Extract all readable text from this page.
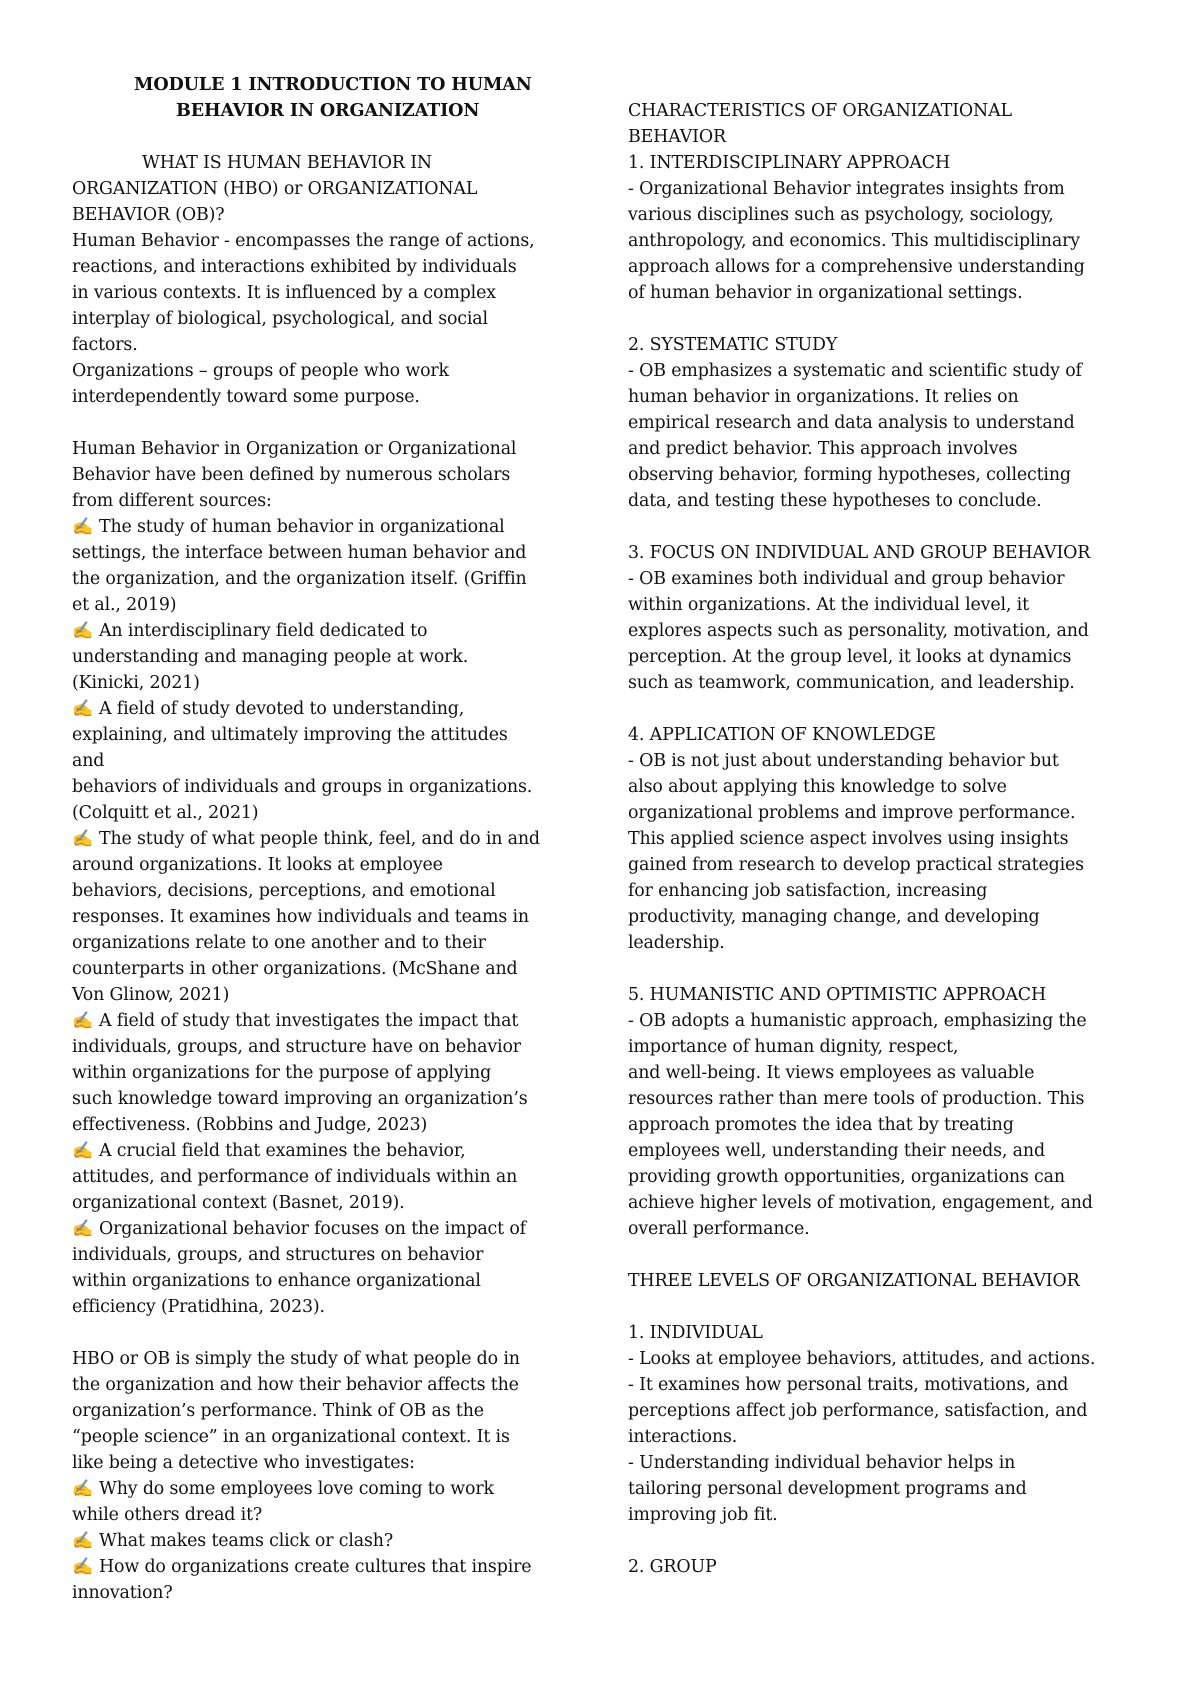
MODULE 1 INTRODUCTION TO HUMAN
BEHAVIOR IN ORGANIZATION
WHAT IS HUMAN BEHAVIOR IN
ORGANIZATION (HBO) or ORGANIZATIONAL
BEHAVIOR (OB)?
Human Behavior - encompasses the range of actions,
reactions, and interactions exhibited by individuals
in various contexts. It is influenced by a complex
interplay of biological, psychological, and social
factors.
Organizations – groups of people who work
interdependently toward some purpose.
Human Behavior in Organization or Organizational
Behavior have been defined by numerous scholars
from different sources:
✍ The study of human behavior in organizational
settings, the interface between human behavior and
the organization, and the organization itself. (Griffin
et al., 2019)
✍ An interdisciplinary field dedicated to
understanding and managing people at work.
(Kinicki, 2021)
✍ A field of study devoted to understanding,
explaining, and ultimately improving the attitudes
and
behaviors of individuals and groups in organizations.
(Colquitt et al., 2021)
✍ The study of what people think, feel, and do in and
around organizations. It looks at employee
behaviors, decisions, perceptions, and emotional
responses. It examines how individuals and teams in
organizations relate to one another and to their
counterparts in other organizations. (McShane and
Von Glinow, 2021)
✍ A field of study that investigates the impact that
individuals, groups, and structure have on behavior
within organizations for the purpose of applying
such knowledge toward improving an organization’s
effectiveness. (Robbins and Judge, 2023)
✍ A crucial field that examines the behavior,
attitudes, and performance of individuals within an
organizational context (Basnet, 2019).
✍ Organizational behavior focuses on the impact of
individuals, groups, and structures on behavior
within organizations to enhance organizational
efficiency (Pratidhina, 2023).
HBO or OB is simply the study of what people do in
the organization and how their behavior affects the
organization’s performance. Think of OB as the
“people science” in an organizational context. It is
like being a detective who investigates:
✍ Why do some employees love coming to work
while others dread it?
✍ What makes teams click or clash?
✍ How do organizations create cultures that inspire
innovation?
CHARACTERISTICS OF ORGANIZATIONAL
BEHAVIOR
1. INTERDISCIPLINARY APPROACH
- Organizational Behavior integrates insights from
various disciplines such as psychology, sociology,
anthropology, and economics. This multidisciplinary
approach allows for a comprehensive understanding
of human behavior in organizational settings.
2. SYSTEMATIC STUDY
- OB emphasizes a systematic and scientific study of
human behavior in organizations. It relies on
empirical research and data analysis to understand
and predict behavior. This approach involves
observing behavior, forming hypotheses, collecting
data, and testing these hypotheses to conclude.
3. FOCUS ON INDIVIDUAL AND GROUP BEHAVIOR
- OB examines both individual and group behavior
within organizations. At the individual level, it
explores aspects such as personality, motivation, and
perception. At the group level, it looks at dynamics
such as teamwork, communication, and leadership.
4. APPLICATION OF KNOWLEDGE
- OB is not just about understanding behavior but
also about applying this knowledge to solve
organizational problems and improve performance.
This applied science aspect involves using insights
gained from research to develop practical strategies
for enhancing job satisfaction, increasing
productivity, managing change, and developing
leadership.
5. HUMANISTIC AND OPTIMISTIC APPROACH
- OB adopts a humanistic approach, emphasizing the
importance of human dignity, respect,
and well-being. It views employees as valuable
resources rather than mere tools of production. This
approach promotes the idea that by treating
employees well, understanding their needs, and
providing growth opportunities, organizations can
achieve higher levels of motivation, engagement, and
overall performance.
THREE LEVELS OF ORGANIZATIONAL BEHAVIOR
1. INDIVIDUAL
- Looks at employee behaviors, attitudes, and actions.
- It examines how personal traits, motivations, and
perceptions affect job performance, satisfaction, and
interactions.
- Understanding individual behavior helps in
tailoring personal development programs and
improving job fit.
2. GROUP
